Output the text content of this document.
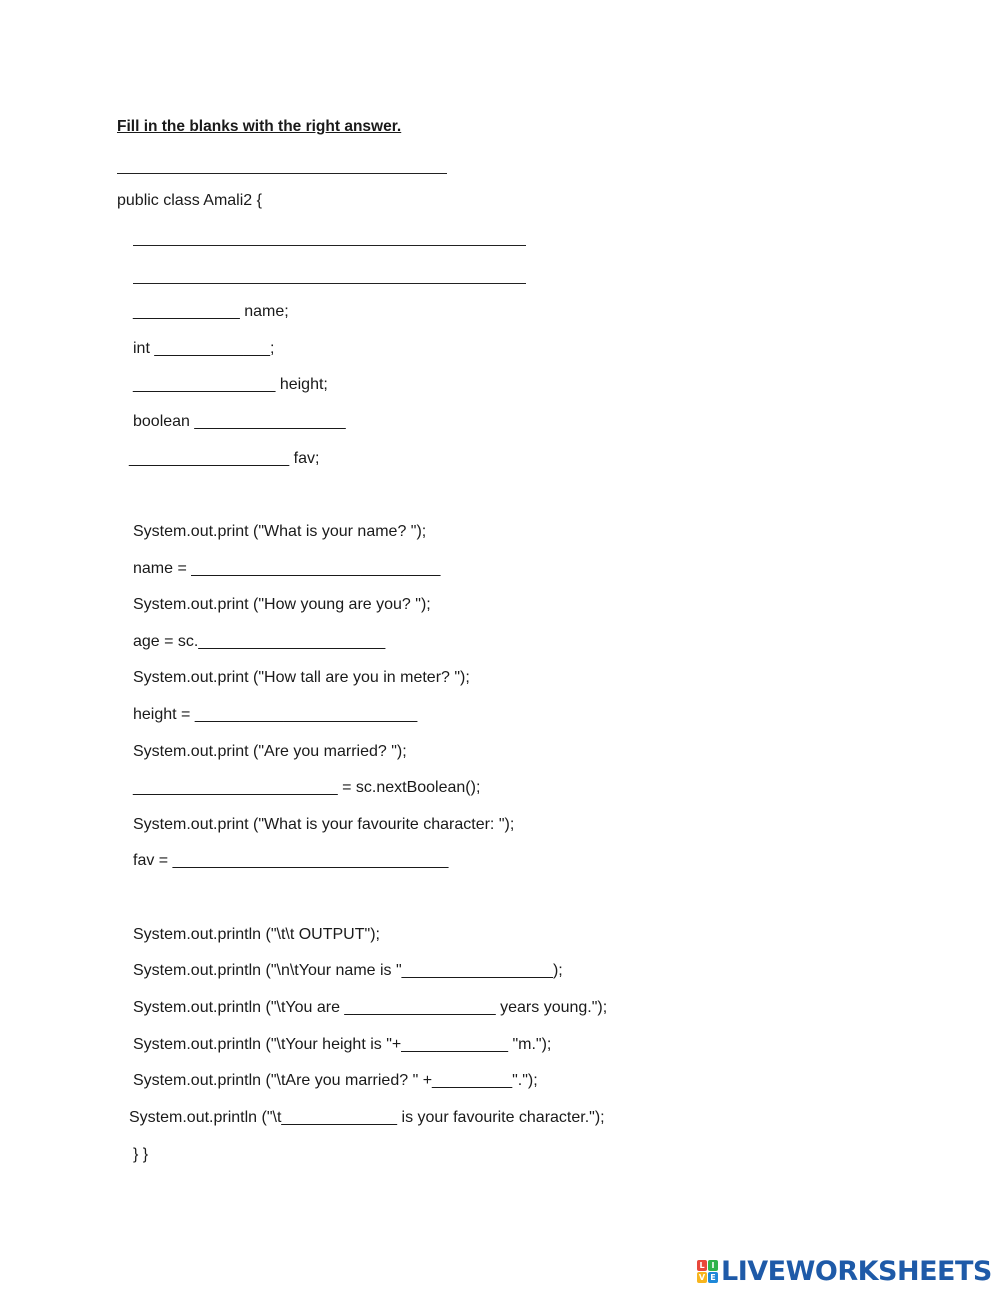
Fill in the blanks with the right answer.
public class Amali2 {
____________ name;
int _____________;
________________ height;
boolean _________________
__________________ fav;
System.out.print ("What is your name? ");
name = ____________________________
System.out.print ("How young are you? ");
age = sc._____________________
System.out.print ("How tall are you in meter? ");
height = _________________________
System.out.print ("Are you married? ");
_______________________ = sc.nextBoolean();
System.out.print ("What is your favourite character: ");
fav = _______________________________
System.out.println ("\t\t OUTPUT");
System.out.println ("\n\tYour name is "_________________);
System.out.println ("\tYou are _________________ years young.");
System.out.println ("\tYour height is "+____________ "m.");
System.out.println ("\tAre you married? " +_________".");
System.out.println ("\t_____________ is your favourite character.");
} }
L I
V E LIVEWORKSHEETS
